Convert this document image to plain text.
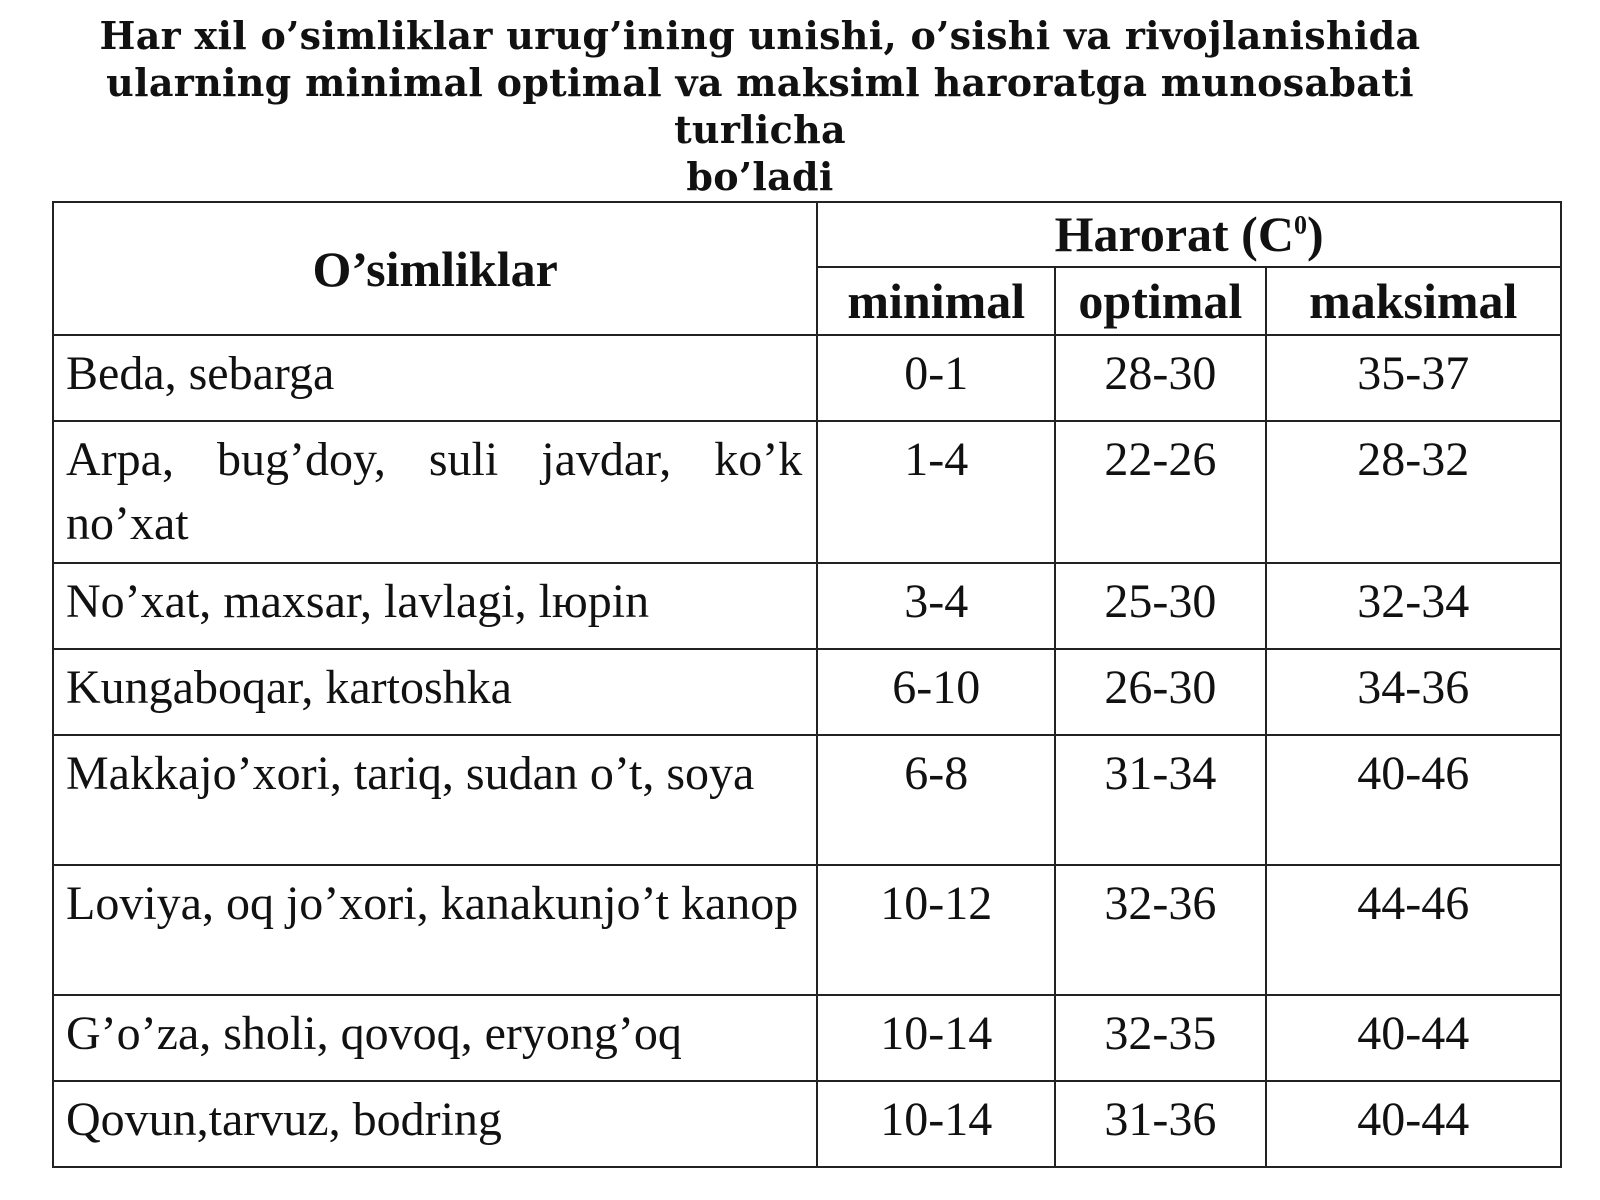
Har xil o’simliklar urug’ining unishi, o’sishi va rivojlanishida
ularning minimal optimal va maksiml haroratga munosabati turlicha
bo’ladi
O’simliklar	Harorat $(C^0)$		
	minimal	optimal	maksimal
Beda, sebarga	0-1	28-30	35-37
Arpa, bug’doy, suli javdar, ko’k no’xat	1-4	22-26	28-32
No’xat, maxsar, lavlagi, lюpin	3-4	25-30	32-34
Kungaboqar, kartoshka	6-10	26-30	34-36
Makkajo’xori, tariq, sudan o’t, soya	6-8	31-34	40-46
Loviya, oq jo’xori, kanakunjo’t kanop	10-12	32-36	44-46
G’o’za, sholi, qovoq, eryong’oq	10-14	32-35	40-44
Qovun,tarvuz, bodring	10-14	31-36	40-44
